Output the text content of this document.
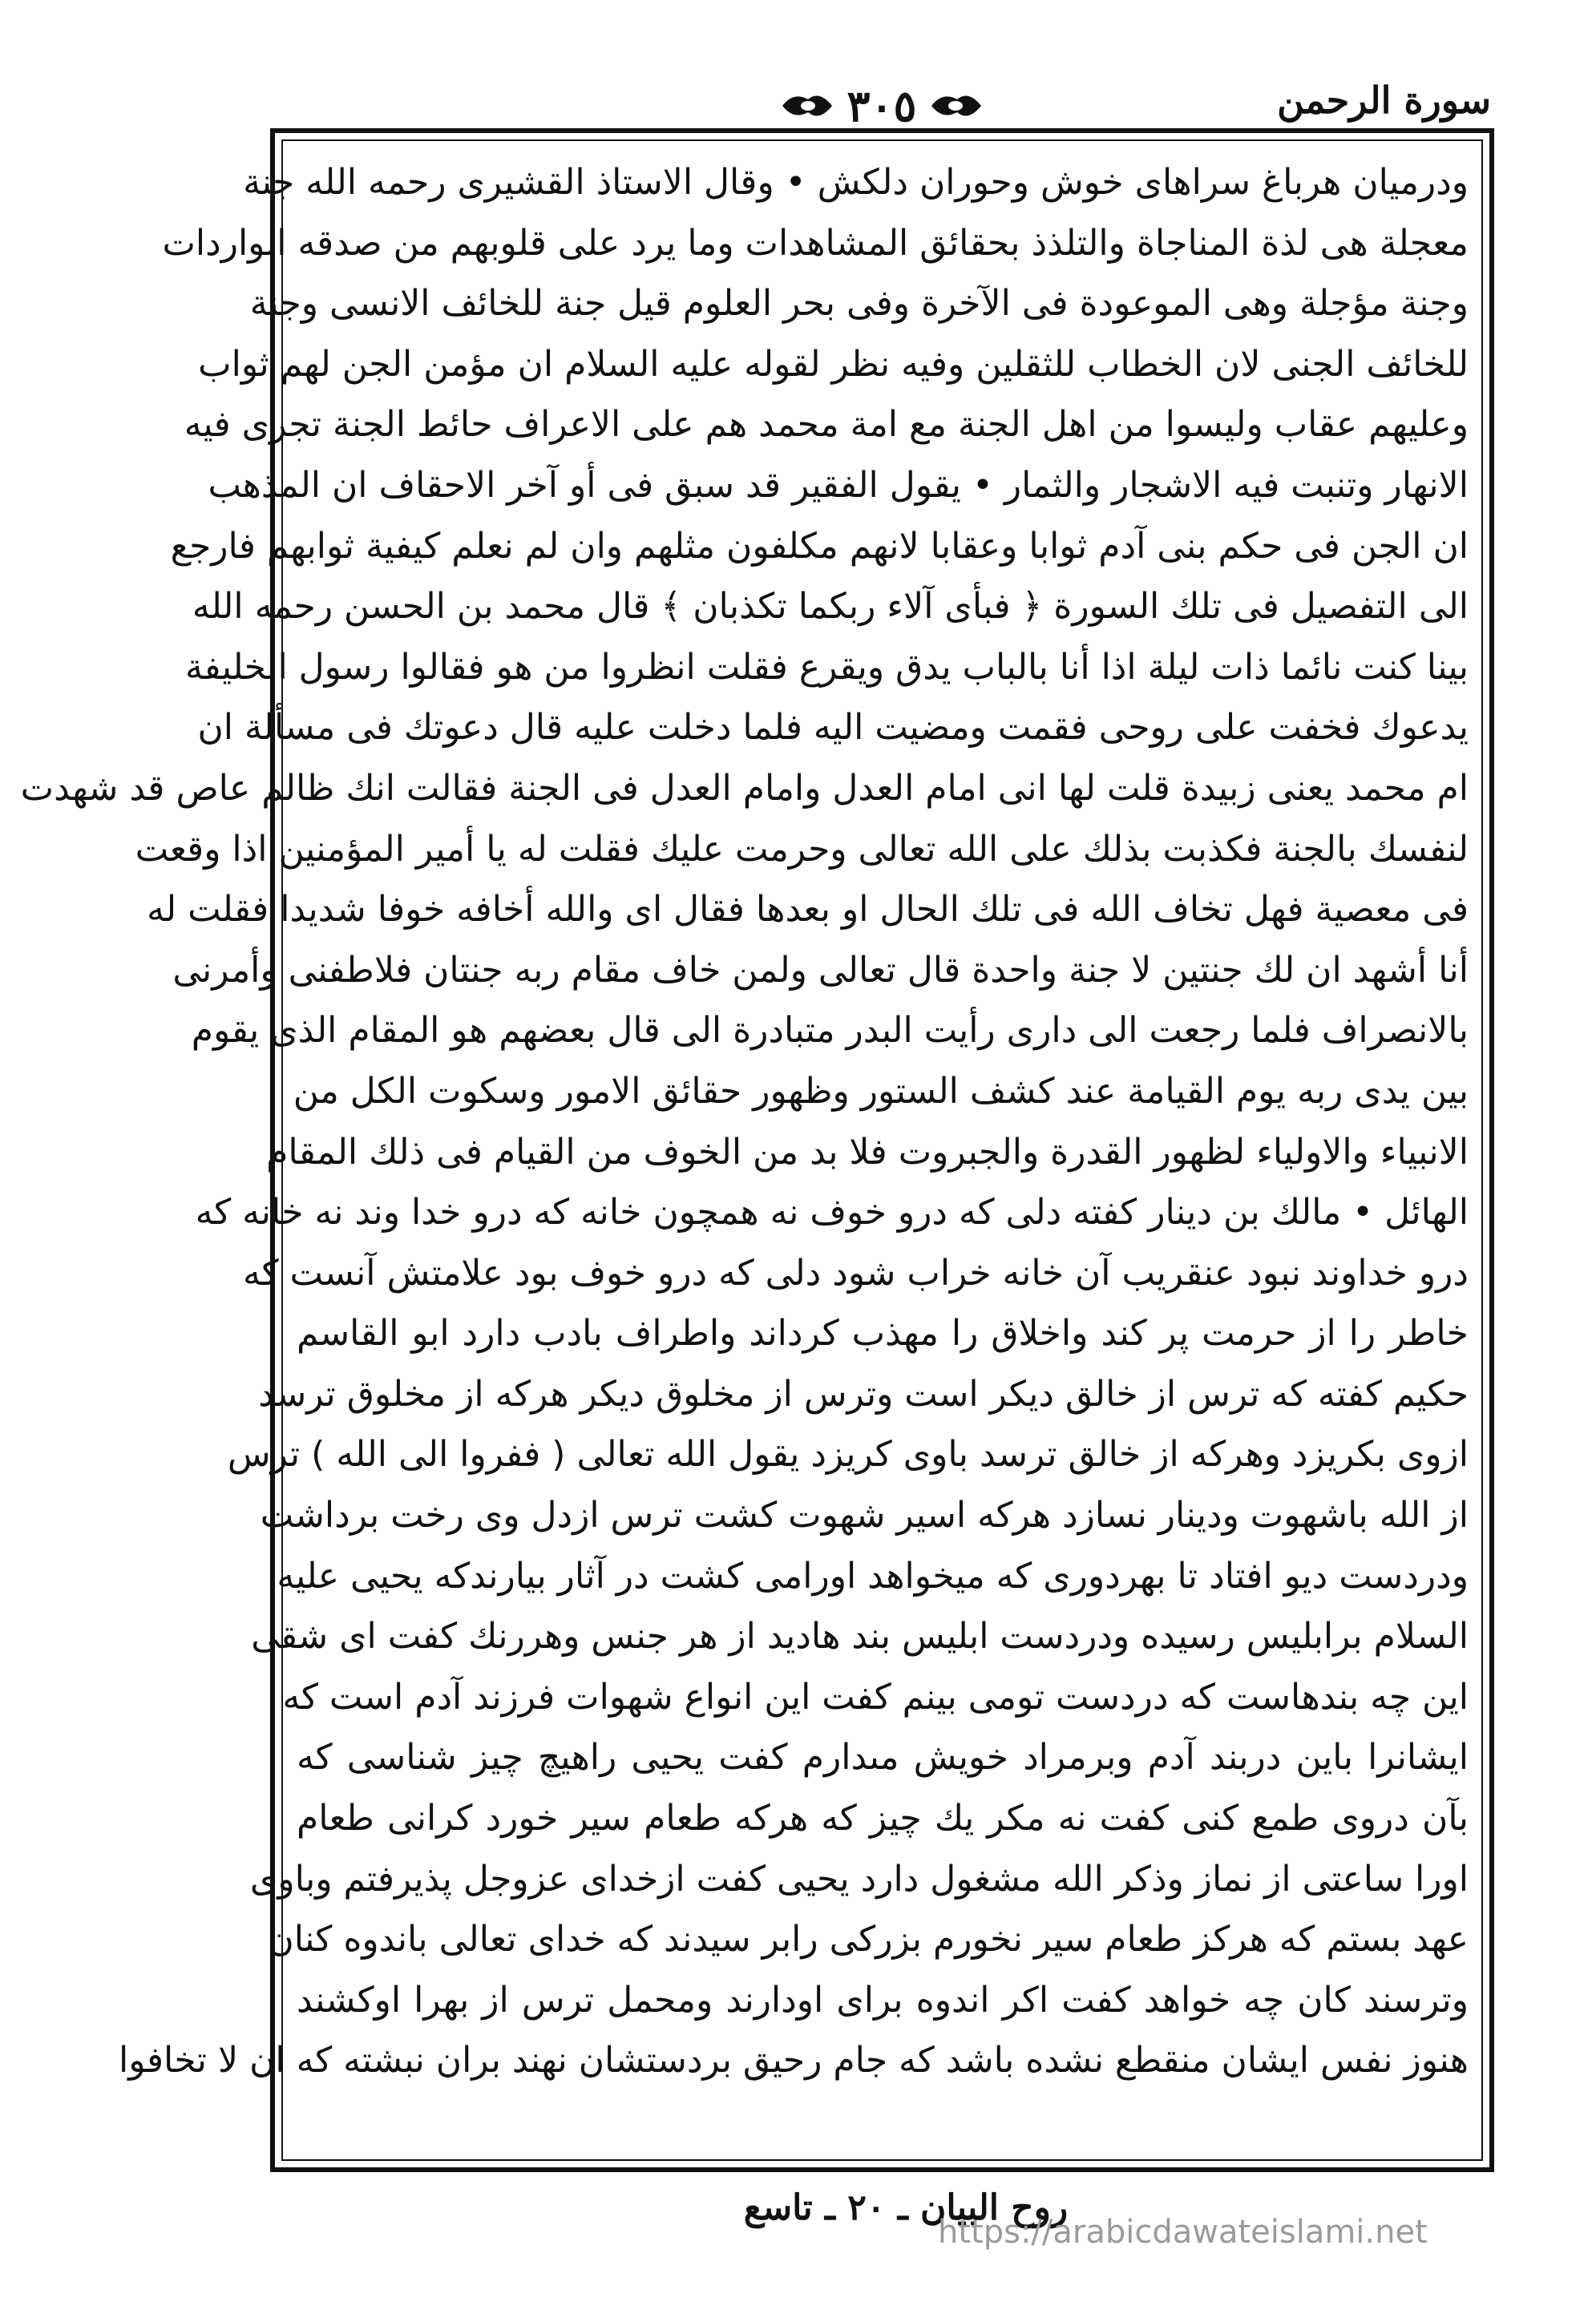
سورة الرحمن
٣٠٥
ودرميان هرباغ سراهاى خوش وحوران دلكش • وقال الاستاذ القشيرى رحمه الله جنة
معجلة هى لذة المناجاة والتلذذ بحقائق المشاهدات وما يرد على قلوبهم من صدقه الواردات
وجنة مؤجلة وهى الموعودة فى الآخرة وفى بحر العلوم قيل جنة للخائف الانسى وجنة
للخائف الجنى لان الخطاب للثقلين وفيه نظر لقوله عليه السلام ان مؤمن الجن لهم ثواب
وعليهم عقاب وليسوا من اهل الجنة مع امة محمد هم على الاعراف حائط الجنة تجرى فيه
الانهار وتنبت فيه الاشجار والثمار • يقول الفقير قد سبق فى أو آخر الاحقاف ان المذهب
ان الجن فى حكم بنى آدم ثوابا وعقابا لانهم مكلفون مثلهم وان لم نعلم كيفية ثوابهم فارجع
الى التفصيل فى تلك السورة ﴿ فبأى آلاء ربكما تكذبان ﴾ قال محمد بن الحسن رحمه الله
بينا كنت نائما ذات ليلة اذا أنا بالباب يدق ويقرع فقلت انظروا من هو فقالوا رسول الخليفة
يدعوك فخفت على روحى فقمت ومضيت اليه فلما دخلت عليه قال دعوتك فى مسألة ان
ام محمد يعنى زبيدة قلت لها انى امام العدل وامام العدل فى الجنة فقالت انك ظالم عاص قد شهدت
لنفسك بالجنة فكذبت بذلك على الله تعالى وحرمت عليك فقلت له يا أمير المؤمنين اذا وقعت
فى معصية فهل تخاف الله فى تلك الحال او بعدها فقال اى والله أخافه خوفا شديدا فقلت له
أنا أشهد ان لك جنتين لا جنة واحدة قال تعالى ولمن خاف مقام ربه جنتان فلاطفنى وأمرنى
بالانصراف فلما رجعت الى دارى رأيت البدر متبادرة الى قال بعضهم هو المقام الذى يقوم
بين يدى ربه يوم القيامة عند كشف الستور وظهور حقائق الامور وسكوت الكل من
الانبياء والاولياء لظهور القدرة والجبروت فلا بد من الخوف من القيام فى ذلك المقام
الهائل • مالك بن دينار كفته دلى كه درو خوف نه همچون خانه كه درو خدا وند نه خانه كه
درو خداوند نبود عنقريب آن خانه خراب شود دلى كه درو خوف بود علامتش آنست كه
خاطر را از حرمت پر كند واخلاق را مهذب كرداند واطراف بادب دارد ابو القاسم
حكيم كفته كه ترس از خالق ديكر است وترس از مخلوق ديكر هركه از مخلوق ترسد
ازوى بكريزد وهركه از خالق ترسد باوى كريزد يقول الله تعالى ( ففروا الى الله ) ترس
از الله باشهوت ودينار نسازد هركه اسير شهوت كشت ترس ازدل وى رخت برداشت
ودردست ديو افتاد تا بهردورى كه ميخواهد اورامى كشت در آثار بيارندكه يحيى عليه
السلام برابليس رسيده ودردست ابليس بند هاديد از هر جنس وهررنك كفت اى شقى
اين چه بندهاست كه دردست تومى بينم كفت اين انواع شهوات فرزند آدم است كه
ايشانرا باين دربند آدم وبرمراد خويش مىدارم كفت يحيى راهيچ چيز شناسى كه
بآن دروى طمع كنى كفت نه مكر يك چيز كه هركه طعام سير خورد كرانى طعام
اورا ساعتى از نماز وذكر الله مشغول دارد يحيى كفت ازخداى عزوجل پذيرفتم وباوى
عهد بستم كه هركز طعام سير نخورم بزركى رابر سيدند كه خداى تعالى باندوه كنان
وترسند كان چه خواهد كفت اكر اندوه براى اودارند ومحمل ترس از بهرا اوكشند
هنوز نفس ايشان منقطع نشده باشد كه جام رحيق بردستشان نهند بران نبشته كه ان لا تخافوا
روح البيان ـ ٢٠ ـ تاسع
https://arabicdawateislami.net
